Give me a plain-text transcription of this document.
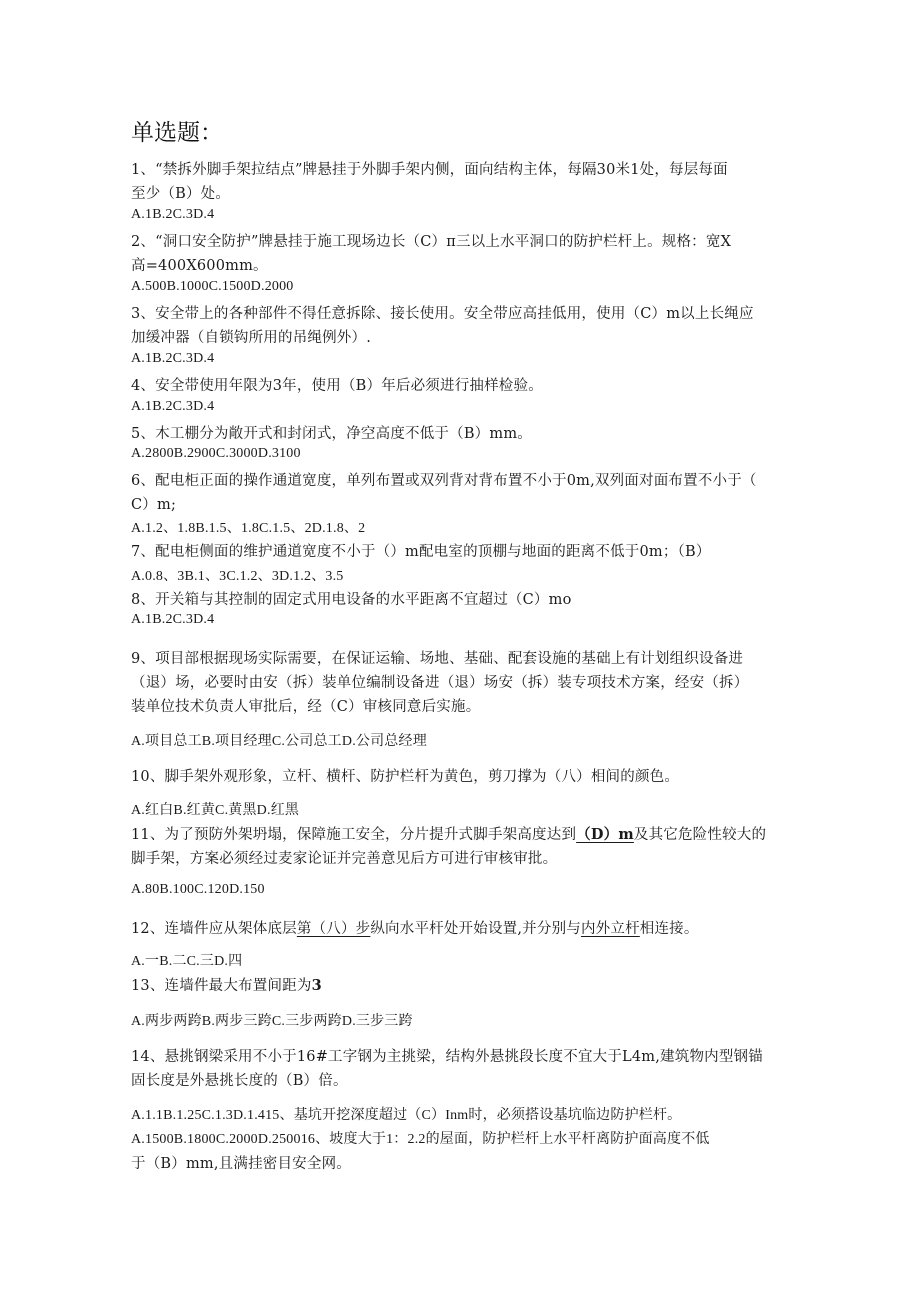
单选题：
1、“禁拆外脚手架拉结点”牌悬挂于外脚手架内侧，面向结构主体，每隔30米1处，每层每面
至少（B）处。
A.1B.2C.3D.4
2、“洞口安全防护”牌悬挂于施工现场边长（C）π三以上水平洞口的防护栏杆上。规格：宽X
高=400X600mm。
A.500B.1000C.1500D.2000
3、安全带上的各种部件不得任意拆除、接长使用。安全带应高挂低用，使用（C）m以上长绳应
加缓冲器（自锁钩所用的吊绳例外）.
A.1B.2C.3D.4
4、安全带使用年限为3年，使用（B）年后必须进行抽样检验。
A.1B.2C.3D.4
5、木工棚分为敞开式和封闭式，净空高度不低于（B）mm。
A.2800B.2900C.3000D.3100
6、配电柜正面的操作通道宽度，单列布置或双列背对背布置不小于0m,双列面对面布置不小于（
C）m;
A.1.2、1.8B.1.5、1.8C.1.5、2D.1.8、2
7、配电柜侧面的维护通道宽度不小于（）m配电室的顶棚与地面的距离不低于0m；（B）
A.0.8、3B.1、3C.1.2、3D.1.2、3.5
8、开关箱与其控制的固定式用电设备的水平距离不宜超过（C）mo
A.1B.2C.3D.4
9、项目部根据现场实际需要，在保证运输、场地、基础、配套设施的基础上有计划组织设备进
（退）场，必要时由安（拆）装单位编制设备进（退）场安（拆）装专项技术方案，经安（拆）
装单位技术负责人审批后，经（C）审核同意后实施。
A.项目总工B.项目经理C.公司总工D.公司总经理
10、脚手架外观形象，立杆、横杆、防护栏杆为黄色，剪刀撑为（八）相间的颜色。
A.红白B.红黄C.黄黑D.红黑
11、为了预防外架坍塌，保障施工安全，分片提升式脚手架高度达到（D）m及其它危险性较大的
脚手架，方案必须经过麦家论证并完善意见后方可进行审核审批。
A.80B.100C.120D.150
12、连墙件应从架体底层第（八）步纵向水平杆处开始设置,并分别与内外立杆相连接。
A.一B.二C.三D.四
13、连墙件最大布置间距为3
A.两步两跨B.两步三跨C.三步两跨D.三步三跨
14、悬挑钢梁采用不小于16#工字钢为主挑梁，结构外悬挑段长度不宜大于L4m,建筑物内型钢锚
固长度是外悬挑长度的（B）倍。
A.1.1B.1.25C.1.3D.1.415、基坑开挖深度超过（C）Inm时，必须搭设基坑临边防护栏杆。
A.1500B.1800C.2000D.250016、坡度大于1：2.2的屋面，防护栏杆上水平杆离防护面高度不低
于（B）mm,且满挂密目安全网。
